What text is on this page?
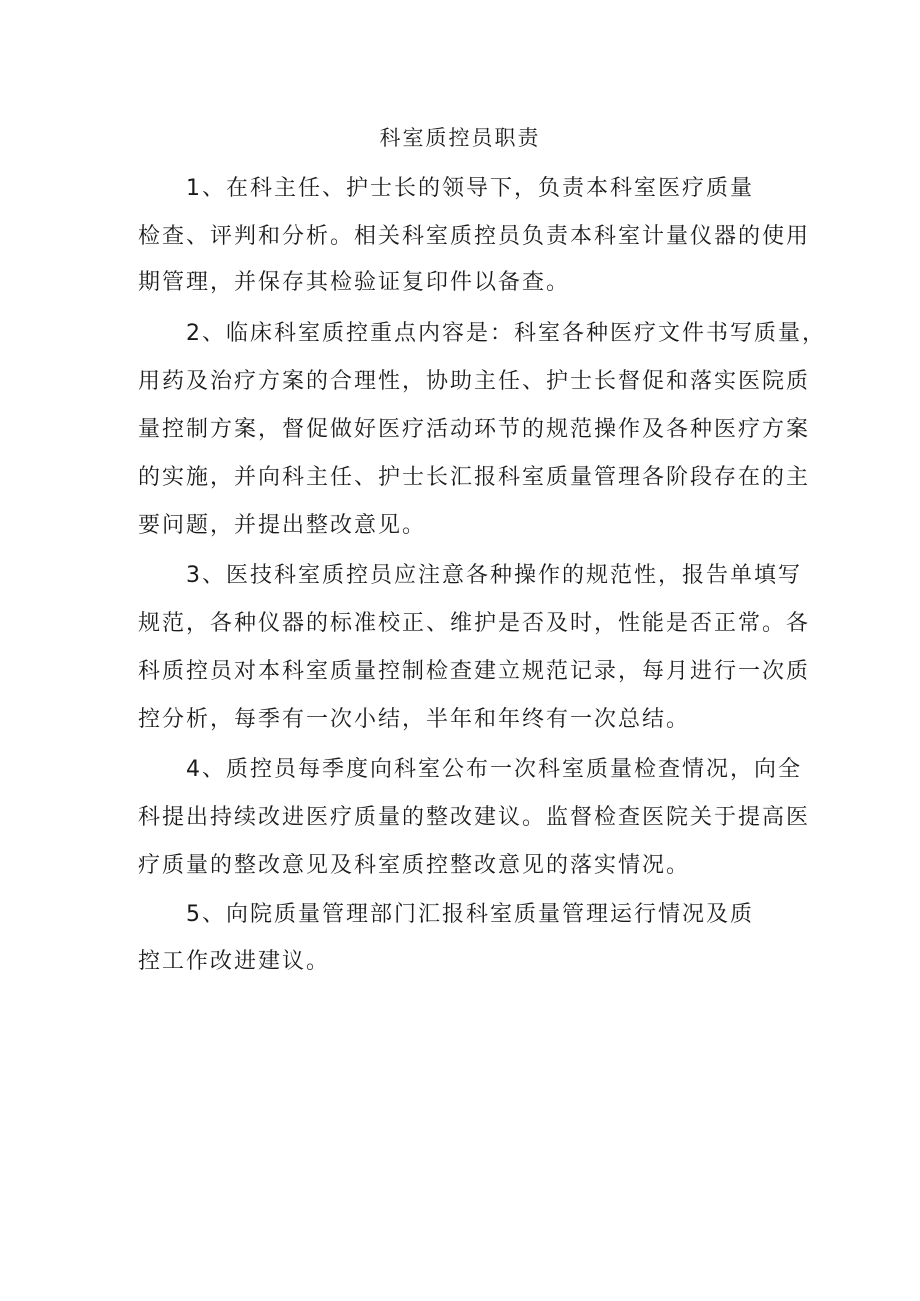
科室质控员职责
1、在科主任、护士长的领导下，负责本科室医疗质量
检查、评判和分析。相关科室质控员负责本科室计量仪器的使用
期管理，并保存其检验证复印件以备查。
2、临床科室质控重点内容是：科室各种医疗文件书写质量，
用药及治疗方案的合理性，协助主任、护士长督促和落实医院质
量控制方案，督促做好医疗活动环节的规范操作及各种医疗方案
的实施，并向科主任、护士长汇报科室质量管理各阶段存在的主
要问题，并提出整改意见。
3、医技科室质控员应注意各种操作的规范性，报告单填写
规范，各种仪器的标准校正、维护是否及时，性能是否正常。各
科质控员对本科室质量控制检查建立规范记录，每月进行一次质
控分析，每季有一次小结，半年和年终有一次总结。
4、质控员每季度向科室公布一次科室质量检查情况，向全
科提出持续改进医疗质量的整改建议。监督检查医院关于提高医
疗质量的整改意见及科室质控整改意见的落实情况。
5、向院质量管理部门汇报科室质量管理运行情况及质
控工作改进建议。
